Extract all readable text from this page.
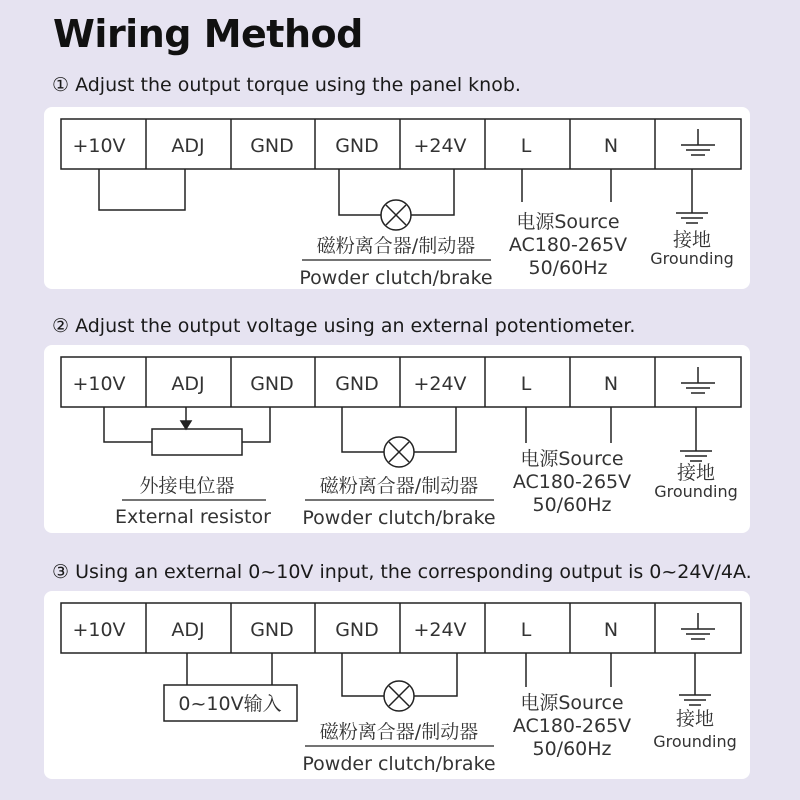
Wiring Method
① Adjust the output torque using the panel knob.
+10V ADJ GND GND +24V	L	N
磁粉离合器/制动器
Powder clutch/brake
电源Source
AC180-265V
50/60Hz
接地
Grounding
② Adjust the output voltage using an external potentiometer.
+10V ADJ GND GND +24V	L	N
外接电位器
External resistor
磁粉离合器/制动器
Powder clutch/brake
电源Source
AC180-265V
50/60Hz
接地
Grounding
③ Using an external 0~10V input, the corresponding output is 0~24V/4A.
+10V ADJ GND GND +24V	L	N
0~10V输入
磁粉离合器/制动器
Powder clutch/brake
电源Source
AC180-265V
50/60Hz
接地
Grounding
